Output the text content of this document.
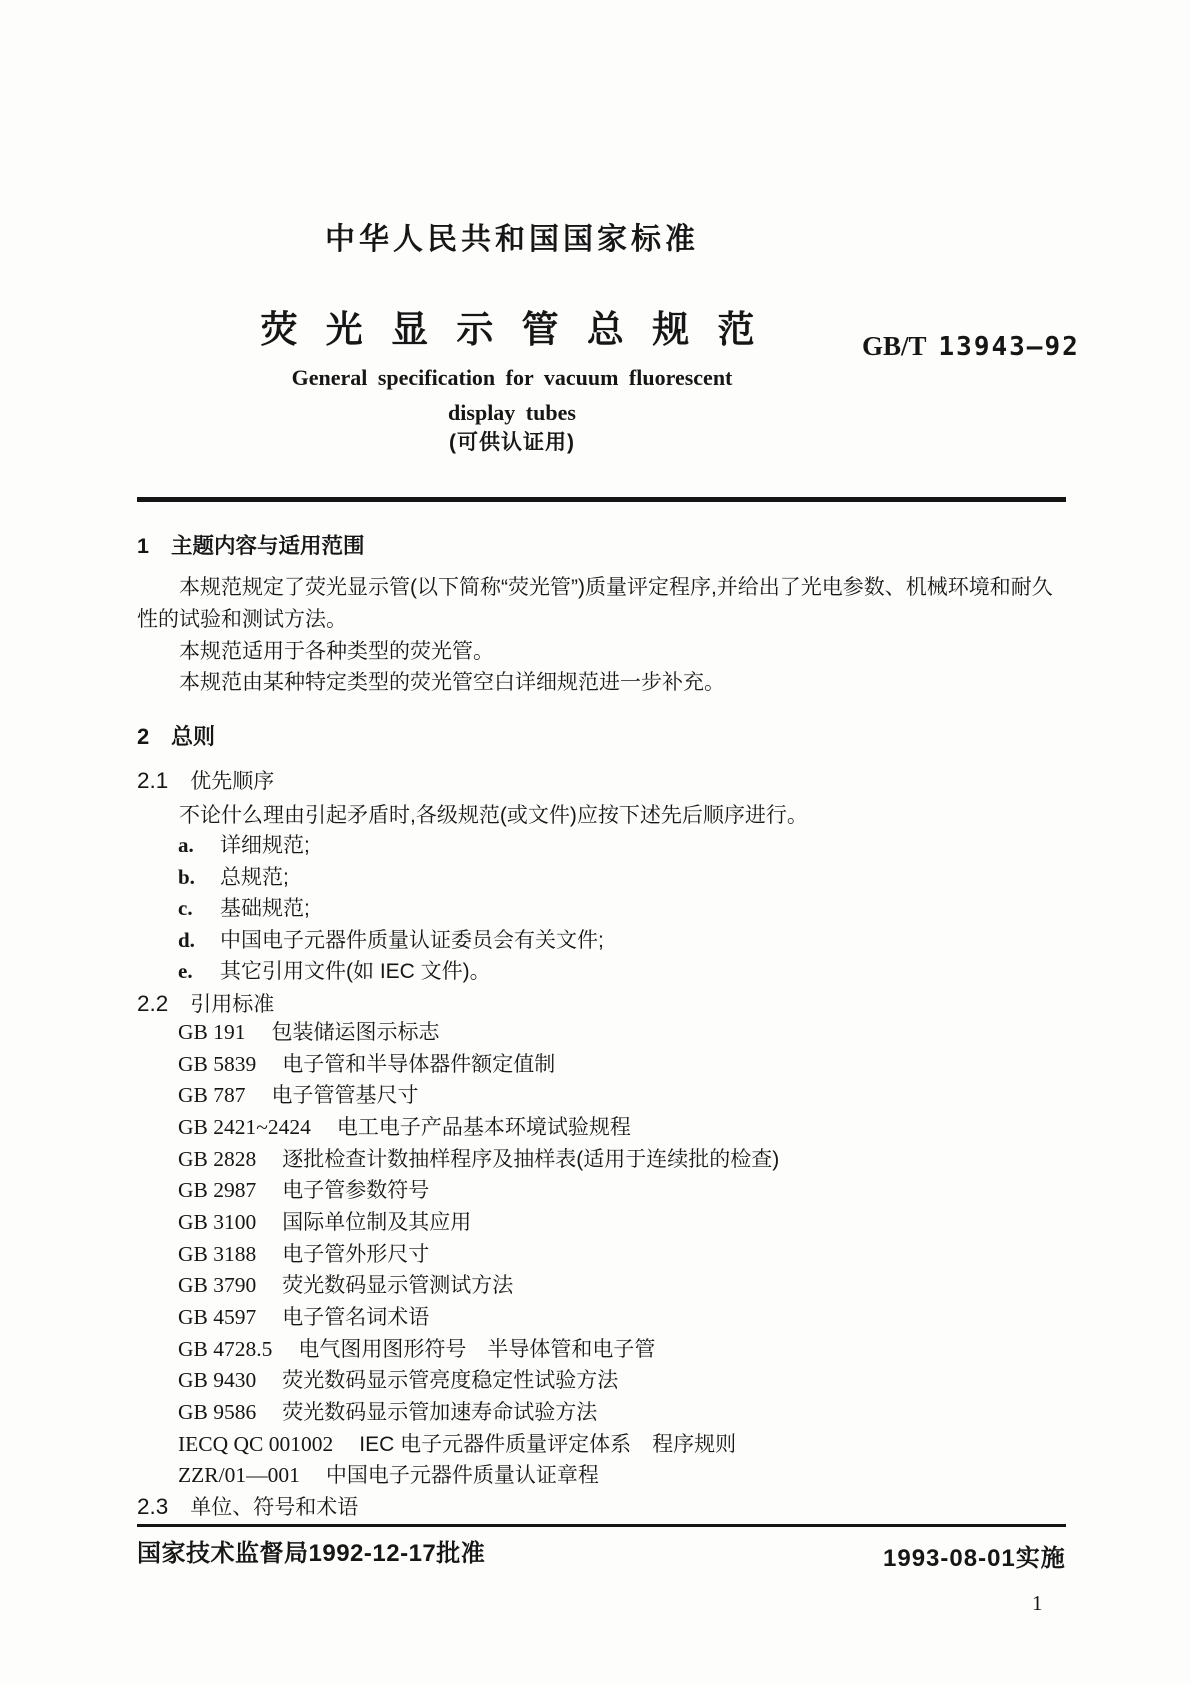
中华人民共和国国家标准
荧 光 显 示 管 总 规 范	GB/T 13943—92
General specification for vacuum fluorescent
display tubes
(可供认证用)
1 主题内容与适用范围
本规范规定了荧光显示管(以下简称“荧光管”)质量评定程序,并给出了光电参数、机械环境和耐久
性的试验和测试方法。
本规范适用于各种类型的荧光管。
本规范由某种特定类型的荧光管空白详细规范进一步补充。
2 总则
2.1 优先顺序
不论什么理由引起矛盾时,各级规范(或文件)应按下述先后顺序进行。
a. 详细规范;
b. 总规范;
c. 基础规范;
d. 中国电子元器件质量认证委员会有关文件;
e. 其它引用文件(如 IEC 文件)。
2.2 引用标准
GB 191 包装储运图示标志
GB 5839 电子管和半导体器件额定值制
GB 787 电子管管基尺寸
GB 2421~2424 电工电子产品基本环境试验规程
GB 2828 逐批检查计数抽样程序及抽样表(适用于连续批的检查)
GB 2987 电子管参数符号
GB 3100 国际单位制及其应用
GB 3188 电子管外形尺寸
GB 3790 荧光数码显示管测试方法
GB 4597 电子管名词术语
GB 4728.5 电气图用图形符号　半导体管和电子管
GB 9430 荧光数码显示管亮度稳定性试验方法
GB 9586 荧光数码显示管加速寿命试验方法
IECQ QC 001002 IEC 电子元器件质量评定体系　程序规则
ZZR/01—001 中国电子元器件质量认证章程
2.3 单位、符号和术语
国家技术监督局1992-12-17批准	1993-08-01实施
1
